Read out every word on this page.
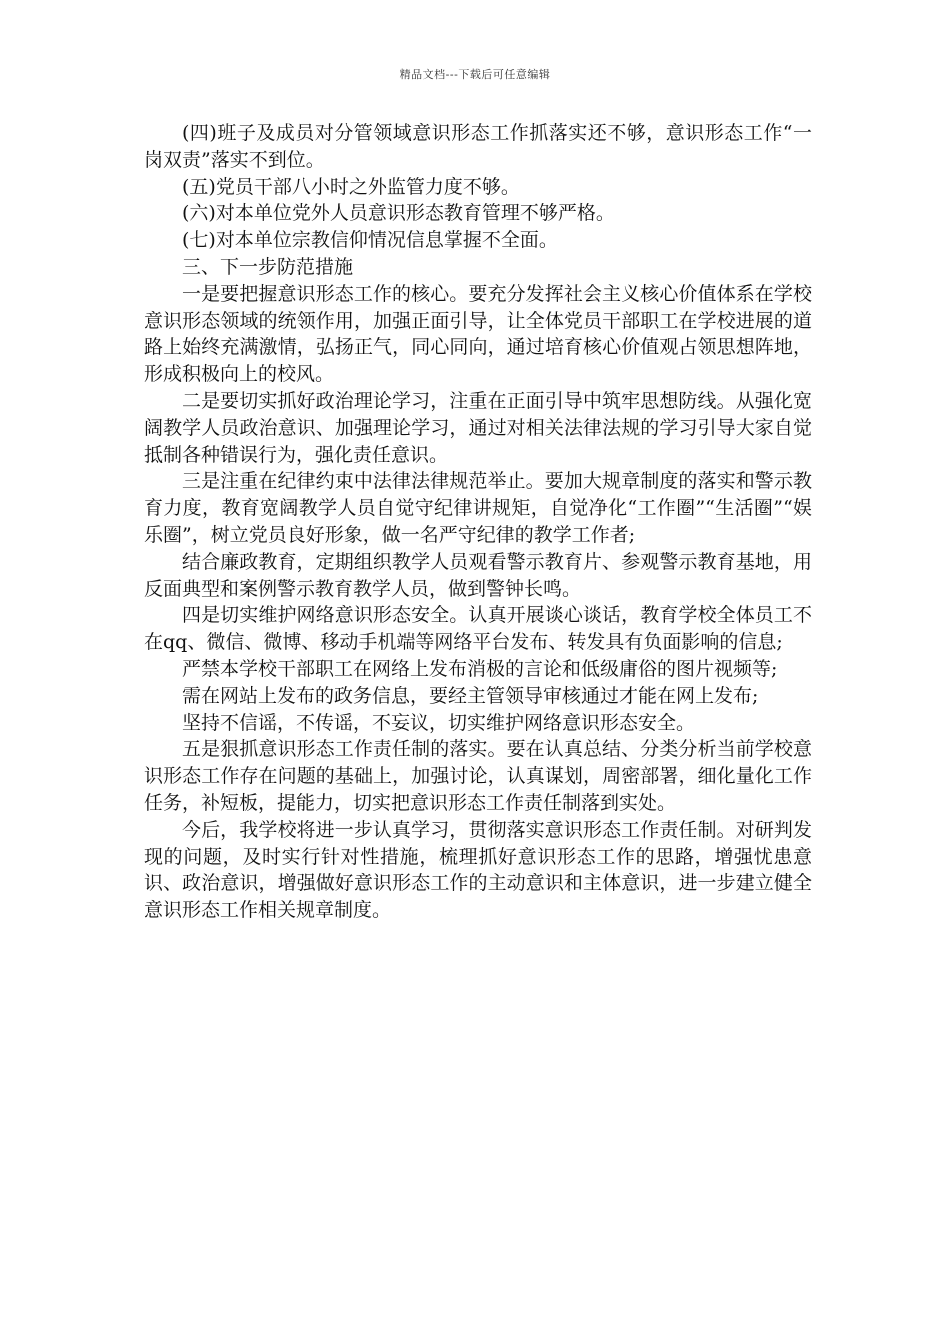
精品文档---下载后可任意编辑

(四)班子及成员对分管领域意识形态工作抓落实还不够，意识形态工作“一岗双责”落实不到位。

(五)党员干部八小时之外监管力度不够。

(六)对本单位党外人员意识形态教育管理不够严格。

(七)对本单位宗教信仰情况信息掌握不全面。

三、下一步防范措施

一是要把握意识形态工作的核心。要充分发挥社会主义核心价值体系在学校意识形态领域的统领作用，加强正面引导，让全体党员干部职工在学校进展的道路上始终充满激情，弘扬正气，同心同向，通过培育核心价值观占领思想阵地，形成积极向上的校风。

二是要切实抓好政治理论学习，注重在正面引导中筑牢思想防线。从强化宽阔教学人员政治意识、加强理论学习，通过对相关法律法规的学习引导大家自觉抵制各种错误行为，强化责任意识。

三是注重在纪律约束中法律法律规范举止。要加大规章制度的落实和警示教育力度，教育宽阔教学人员自觉守纪律讲规矩，自觉净化“工作圈”“生活圈”“娱乐圈”，树立党员良好形象，做一名严守纪律的教学工作者;

结合廉政教育，定期组织教学人员观看警示教育片、参观警示教育基地，用反面典型和案例警示教育教学人员，做到警钟长鸣。

四是切实维护网络意识形态安全。认真开展谈心谈话，教育学校全体员工不在qq、微信、微博、移动手机端等网络平台发布、转发具有负面影响的信息;

严禁本学校干部职工在网络上发布消极的言论和低级庸俗的图片视频等;

需在网站上发布的政务信息，要经主管领导审核通过才能在网上发布;

坚持不信谣，不传谣，不妄议，切实维护网络意识形态安全。

五是狠抓意识形态工作责任制的落实。要在认真总结、分类分析当前学校意识形态工作存在问题的基础上，加强讨论，认真谋划，周密部署，细化量化工作任务，补短板，提能力，切实把意识形态工作责任制落到实处。

今后，我学校将进一步认真学习，贯彻落实意识形态工作责任制。对研判发现的问题，及时实行针对性措施，梳理抓好意识形态工作的思路，增强忧患意识、政治意识，增强做好意识形态工作的主动意识和主体意识，进一步建立健全意识形态工作相关规章制度。
